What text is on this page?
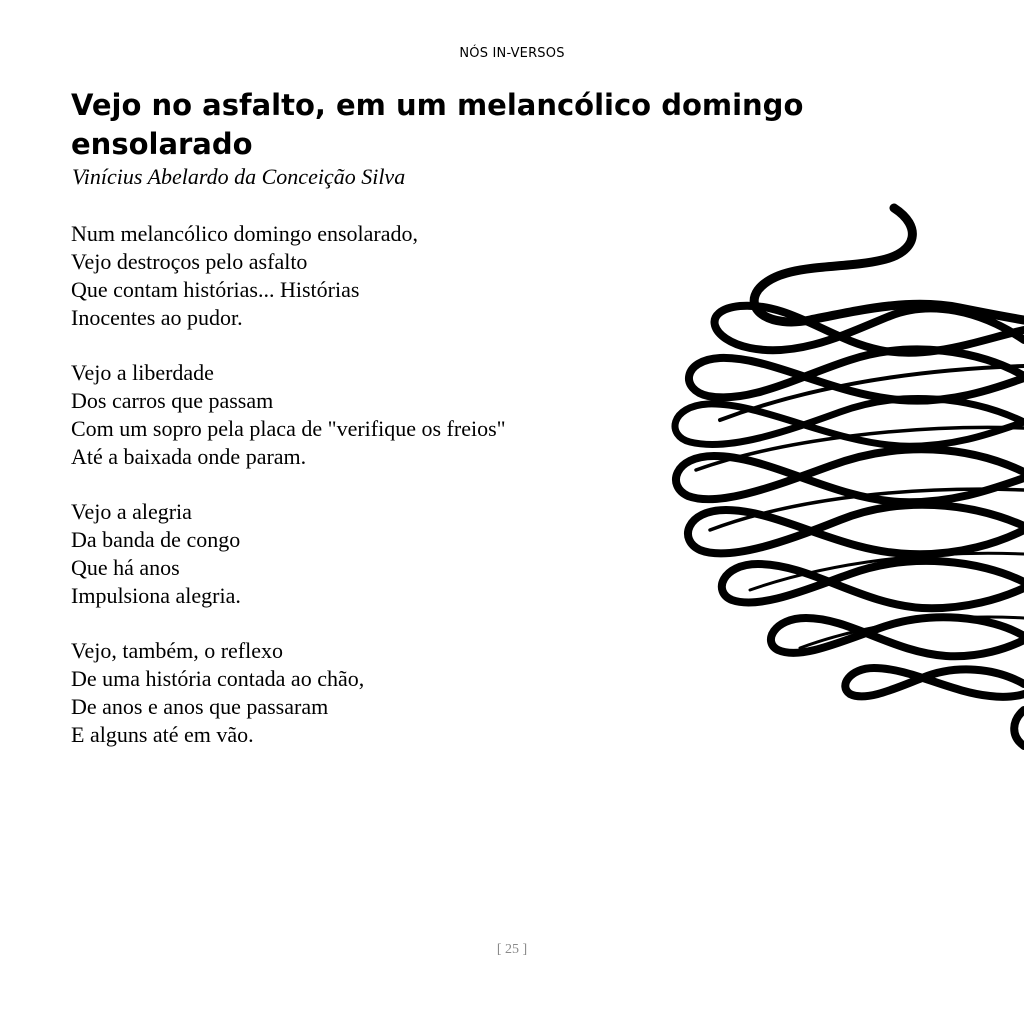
NÓS IN-VERSOS
Vejo no asfalto, em um melancólico domingo ensolarado
Vinícius Abelardo da Conceição Silva
Num melancólico domingo ensolarado,
Vejo destroços pelo asfalto
Que contam histórias... Histórias
Inocentes ao pudor.
Vejo a liberdade
Dos carros que passam
Com um sopro pela placa de "verifique os freios"
Até a baixada onde param.
Vejo a alegria
Da banda de congo
Que há anos
Impulsiona alegria.
Vejo, também, o reflexo
De uma história contada ao chão,
De anos e anos que passaram
E alguns até em vão.
[ 25 ]
